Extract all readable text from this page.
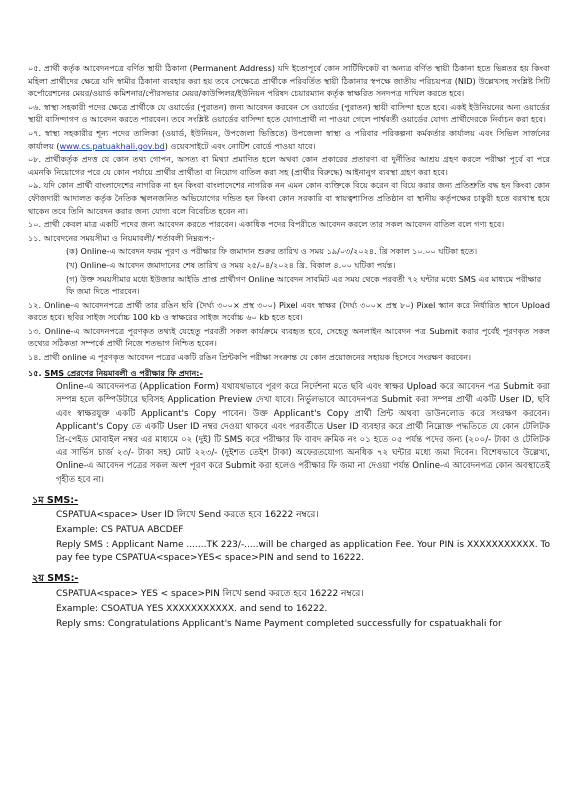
০৫. প্রার্থী কর্তৃক আবেদনপত্রে বর্ণিত স্থায়ী ঠিকানা (Permanent Address) যদি ইতোপূর্বে কোন সার্টিফিকেট বা অন্যত্র বর্ণিত স্থায়ী ঠিকানা হতে ভিন্নতর হয় কিংবা মহিলা প্রার্থীদের ক্ষেত্রে যদি স্বামীর ঠিকানা ব্যবহার করা হয় তবে সেক্ষেত্রে প্রার্থীকে পরিবর্তিত স্থায়ী ঠিকানার স্বপক্ষে জাতীয় পরিচয়পত্র (NID) উল্লেখসহ সংশ্লিষ্ট সিটি কর্পোরেশনের মেয়র/ওয়ার্ড কমিশনার/পৌরসভার মেয়র/কাউন্সিলর/ইউনিয়ন পরিষদ চেয়ারম্যান কর্তৃক স্বাক্ষরিত সনদপত্র দাখিল করতে হবে।

০৬. স্বাস্থ্য সহকারী পদের ক্ষেত্রে প্রার্থীকে যে ওয়ার্ডের (পুরাতন) জন্য আবেদন করবেন সে ওয়ার্ডের (পুরাতন) স্থায়ী বাসিন্দা হতে হবে। একই ইউনিয়নের অন্য ওয়ার্ডের স্থায়ী বাসিন্দাগণ ও আবেদন করতে পারবেন। তবে সংশ্লিষ্ট ওয়ার্ডের বাসিন্দা হতে যোগ্যপ্রার্থী না পাওয়া গেলে পার্শ্ববর্তী ওয়ার্ডের যোগ্য প্রার্থীদেরকে নির্বাচন করা হবে।

০৭. স্বাস্থ্য সহকারীর শূন্য পদের তালিকা (ওয়ার্ড, ইউনিয়ন, উপজেলা ভিত্তিতে) উপজেলা স্বাস্থ্য ও পরিবার পরিকল্পনা কর্মকর্তার কার্যালয় এবং সিভিল সার্জনের কার্যালয় (www.cs.patuakhali.gov.bd) ওয়েবসাইটে এবং নোটিশ বোর্ডে পাওয়া যাবে।

০৮. প্রার্থীকর্তৃক প্রদত্ত যে কোন তথ্য গোপন, অসত্য বা মিথ্যা প্রমাণিত হলে অথবা কোন প্রকারের প্রতারণা বা দুর্নীতির আশ্রয় গ্রহণ করলে পরীক্ষা পূর্বে বা পরে এমনকি নিয়োগের পরে যে কোন পর্যায়ে প্রার্থীর প্রার্থীতা বা নিয়োগ বাতিল করা সহ (প্রার্থীর বিরুদ্ধে) আইনানুগ ব্যবস্থা গ্রহণ করা হবে।

০৯. যদি কোন প্রার্থী বাংলাদেশের নাগরিক না হন কিংবা বাংলাদেশের নাগরিক নন এমন কোন ব্যক্তিকে বিয়ে করেন বা বিয়ে করার জন্য প্রতিশ্রুতি বদ্ধ হন কিংবা কোন ফৌজদারী আদালত কর্তৃক নৈতিক স্খলনজনিত অভিযোগের দন্ডিত হন কিংবা কোন সরকারি বা স্বায়ত্বশাসিত প্রতিষ্ঠান বা স্থানীয় কর্তৃপক্ষের চাকুরী হতে বরখাস্থ হয়ে থাকেন তবে তিনি আবেদন করার জন্য যোগ্য বলে বিবেচিত হবেন না।

১০. প্রার্থী কেবল মাত্র একটি পদের জন্য আবেদন করতে পারবেন। একাধিক পদের বিপরীতে আবেদন করলে তার সকল আবেদন বাতিল বলে গণ্য হবে।

১১. আবেদনের সময়সীমা ও নিয়মাবলী/ শর্তাবলী নিম্নরূপ:-

(ক) Online-এ আবেদন ফরম পূরণ ও পরীক্ষার ফি জমাদান শুরুর তারিখ ও সময় ১৯/০৩/২০২৪. খ্রি সকাল ১০.০০ ঘটিকা হতে।

(খ) Online-এ আবেদন জমাদানের শেষ তারিখ ও সময় ২৫/০৪/২০২৪ খ্রি. বিকাল ৪.০০ ঘটিকা পর্যন্ত।

(গ) উক্ত সময়সীমার মধ্যে ইউজার আইডি প্রাপ্ত প্রার্থীগণ Online আবেদন সাবমিট এর সময় থেকে পরবর্তী ৭২ ঘন্টার মধ্যে SMS এর মাধ্যমে পরীক্ষার ফি জমা দিতে পারবেন।

১২. Online-এ আবেদনপত্রে প্রার্থী তার রঙিন ছবি (দৈর্ঘ্য ৩০০× প্রস্থ ৩০০) Pixel এবং স্বাক্ষর (দৈর্ঘ্য ৩০০× প্রস্থ ৮০) Pixel স্ক্যান করে নির্ধারিত স্থানে Upload করতে হবে। ছবির সাইজ সর্বোচ্চ 100 kb ও স্বাক্ষরের সাইজ সর্বোচ্চ ৬০ kb হতে হবে।

১৩. Online-এ আবেদনপত্রে পূরণকৃত তথ্যই যেহেতু পরবর্তী সকল কার্যক্রমে ব্যবহৃত হবে, সেহেতু অনলাইন আবেদন পত্র Submit করার পূর্বেই পূরণকৃত সকল তথ্যের সঠিকতা সম্পর্কে প্রার্থী নিজে শতভাগ নিশ্চিত হবেন।

১৪. প্রার্থী online এ পূরণকৃত আবেদন পত্রের একটি রঙিন প্রিন্টকপি পরীক্ষা সংক্রান্ত যে কোন প্রয়োজনের সহায়ক হিসেবে সংরক্ষণ করবেন।

১৫. SMS প্রেরণের নিয়মাবলী ও পরীক্ষার ফি প্রদান:-

Online-এ আবেদনপত্র (Application Form) যথাযথভাবে পূরণ করে নির্দেশনা মতে ছবি এবং স্বাক্ষর Upload করে আবেদন পত্র Submit করা সম্পন্ন হলে কম্পিউটারে ছবিসহ Application Preview দেখা যাবে। নির্ভুলভাবে আবেদনপত্র Submit করা সম্পন্ন প্রার্থী একটি User ID, ছবি এবং স্বাক্ষরযুক্ত একটি Applicant's Copy পাবেন। উক্ত Applicant's Copy প্রার্থী প্রিন্ট অথবা ডাউনলোড করে সংরক্ষণ করবেন। Applicant's Copy তে একটি User ID নম্বর দেওয়া থাকবে এবং পরবর্তীতে User ID ব্যবহার করে প্রার্থী নিম্নোক্ত পদ্ধতিতে যে কোন টেলিটক প্রি-পেইড মোবাইল নম্বর এর মাধ্যমে ০২ (দুই) টি SMS করে পরীক্ষার ফি বাবদ ক্রমিক নং ০১ হতে ০৫ পর্যন্ত পদের জন্য (২০০/- টাকা ও টেলিটক এর সার্ভিস চার্জ ২৩/- টাকা সহ) মোট ২২৩/- (দুইশত তেইশ টাকা) অফেরতযোগ্য অনধিক ৭২ ঘন্টার মধ্যে জমা দিবেন। বিশেষভাবে উল্লেখ্য, Online-এ আবেদন পত্রের সকল অংশ পূরণ করে Submit করা হলেও পরীক্ষার ফি জমা না দেওয়া পর্যন্ত Online-এ আবেদনপত্র কোন অবস্থাতেই গৃহীত হবে না।

১ম SMS:-

CSPATUA<space> User ID লিখে Send করতে হবে 16222 নম্বরে।

Example: CS PATUA ABCDEF

Reply SMS : Applicant Name .......TK 223/-.....will be charged as application Fee. Your PIN is XXXXXXXXXXX. To pay fee type CSPATUA<space>YES< space>PIN and send to 16222.

২য় SMS:-

CSPATUA<space> YES < space>PIN লিখে send করতে হবে 16222 নম্বরে।

Example: CSOATUA YES XXXXXXXXXXX. and send to 16222.

Reply sms: Congratulations Applicant's Name Payment completed successfully for cspatuakhali for
